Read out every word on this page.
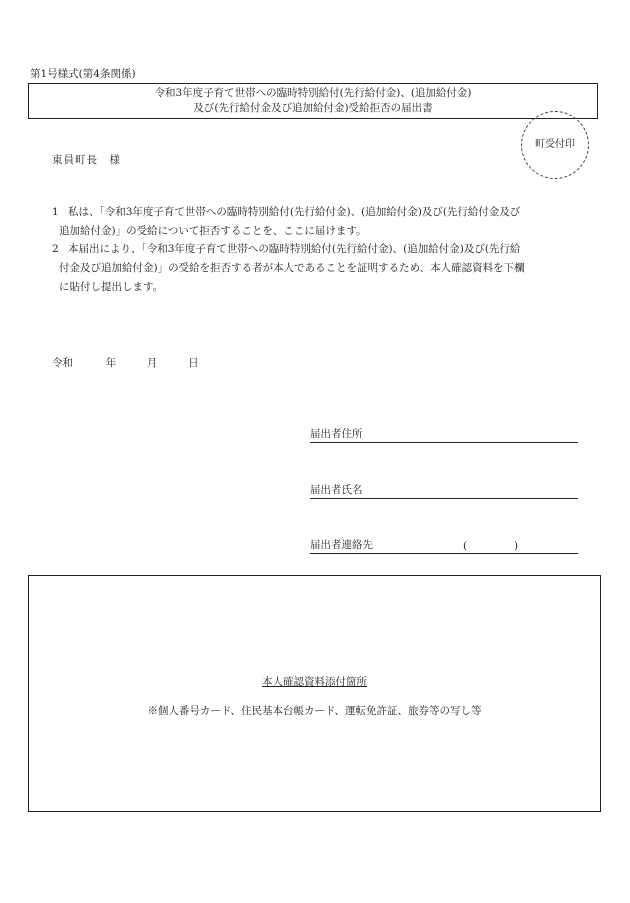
第1号様式(第4条関係)
令和3年度子育て世帯への臨時特別給付(先行給付金)、(追加給付金)
及び(先行給付金及び追加給付金)受給拒否の届出書
東員町長　様
町受付印
1 私は、「令和3年度子育て世帯への臨時特別給付(先行給付金)、(追加給付金)及び(先行給付金及び
追加給付金)」の受給について拒否することを、ここに届けます。
2 本届出により、「令和3年度子育て世帯への臨時特別給付(先行給付金)、(追加給付金)及び(先行給
付金及び追加給付金)」の受給を拒否する者が本人であることを証明するため、本人確認資料を下欄
に貼付し提出します。
令和	年	月	日
届出者住所
届出者氏名
届出者連絡先	(	)
本人確認資料添付箇所
※個人番号カード、住民基本台帳カード、運転免許証、旅券等の写し等
